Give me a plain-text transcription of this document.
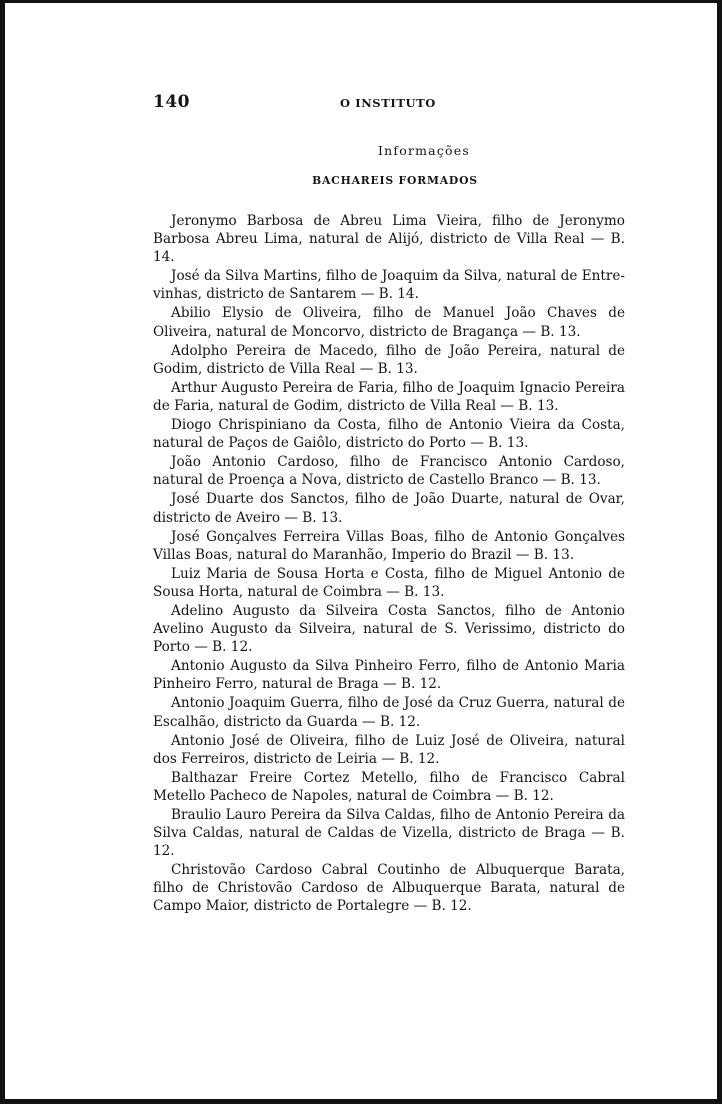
140	O INSTITUTO
Informações
BACHAREIS FORMADOS

Jeronymo Barbosa de Abreu Lima Vieira, filho de Jeronymo Barbosa Abreu Lima, natural de Alijó, districto de Villa Real — B. 14.

José da Silva Martins, filho de Joaquim da Silva, natural de Entre-vinhas, districto de Santarem — B. 14.

Abilio Elysio de Oliveira, filho de Manuel João Chaves de Oliveira, natural de Moncorvo, districto de Bragança — B. 13.

Adolpho Pereira de Macedo, filho de João Pereira, natural de Godim, districto de Villa Real — B. 13.

Arthur Augusto Pereira de Faria, filho de Joaquim Ignacio Pereira de Faria, natural de Godim, districto de Villa Real — B. 13.

Diogo Chrispiniano da Costa, filho de Antonio Vieira da Costa, natural de Paços de Gaiôlo, districto do Porto — B. 13.

João Antonio Cardoso, filho de Francisco Antonio Cardoso, natural de Proença a Nova, districto de Castello Branco — B. 13.

José Duarte dos Sanctos, filho de João Duarte, natural de Ovar, districto de Aveiro — B. 13.

José Gonçalves Ferreira Villas Boas, filho de Antonio Gonçalves Villas Boas, natural do Maranhão, Imperio do Brazil — B. 13.

Luiz Maria de Sousa Horta e Costa, filho de Miguel Antonio de Sousa Horta, natural de Coimbra — B. 13.

Adelino Augusto da Silveira Costa Sanctos, filho de Antonio Avelino Augusto da Silveira, natural de S. Verissimo, districto do Porto — B. 12.

Antonio Augusto da Silva Pinheiro Ferro, filho de Antonio Maria Pinheiro Ferro, natural de Braga — B. 12.

Antonio Joaquim Guerra, filho de José da Cruz Guerra, natural de Escalhão, districto da Guarda — B. 12.

Antonio José de Oliveira, filho de Luiz José de Oliveira, natural dos Ferreiros, districto de Leiria — B. 12.

Balthazar Freire Cortez Metello, filho de Francisco Cabral Metello Pacheco de Napoles, natural de Coimbra — B. 12.

Braulio Lauro Pereira da Silva Caldas, filho de Antonio Pereira da Silva Caldas, natural de Caldas de Vizella, districto de Braga — B. 12.

Christovão Cardoso Cabral Coutinho de Albuquerque Barata, filho de Christovão Cardoso de Albuquerque Barata, natural de Campo Maior, districto de Portalegre — B. 12.
